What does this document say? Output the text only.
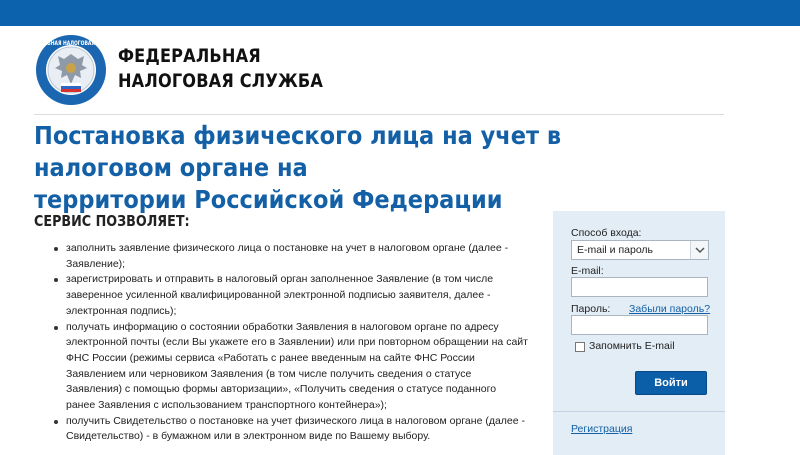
ФЕДЕРАЛЬНАЯ НАЛОГОВАЯ СЛУЖБА
ФЕДЕРАЛЬНАЯ
НАЛОГОВАЯ СЛУЖБА
Постановка физического лица на учет в налоговом органе на
территории Российской Федерации
СЕРВИС ПОЗВОЛЯЕТ:
заполнить заявление физического лица о постановке на учет в налоговом органе (далее - Заявление);
зарегистрировать и отправить в налоговый орган заполненное Заявление (в том числе заверенное усиленной квалифицированной электронной подписью заявителя, далее - электронная подпись);
получать информацию о состоянии обработки Заявления в налоговом органе по адресу электронной почты (если Вы укажете его в Заявлении) или при повторном обращении на сайт ФНС России (режимы сервиса «Работать с ранее введенным на сайте ФНС России Заявлением или черновиком Заявления (в том числе получить сведения о статусе Заявления) с помощью формы авторизации», «Получить сведения о статусе поданного ранее Заявления с использованием транспортного контейнера»);
получить Свидетельство о постановке на учет физического лица в налоговом органе (далее - Свидетельство) - в бумажном или в электронном виде по Вашему выбору.
Способ входа:
E-mail и пароль
E-mail:
Пароль: Забыли пароль?
Запомнить E-mail
Войти
Регистрация
